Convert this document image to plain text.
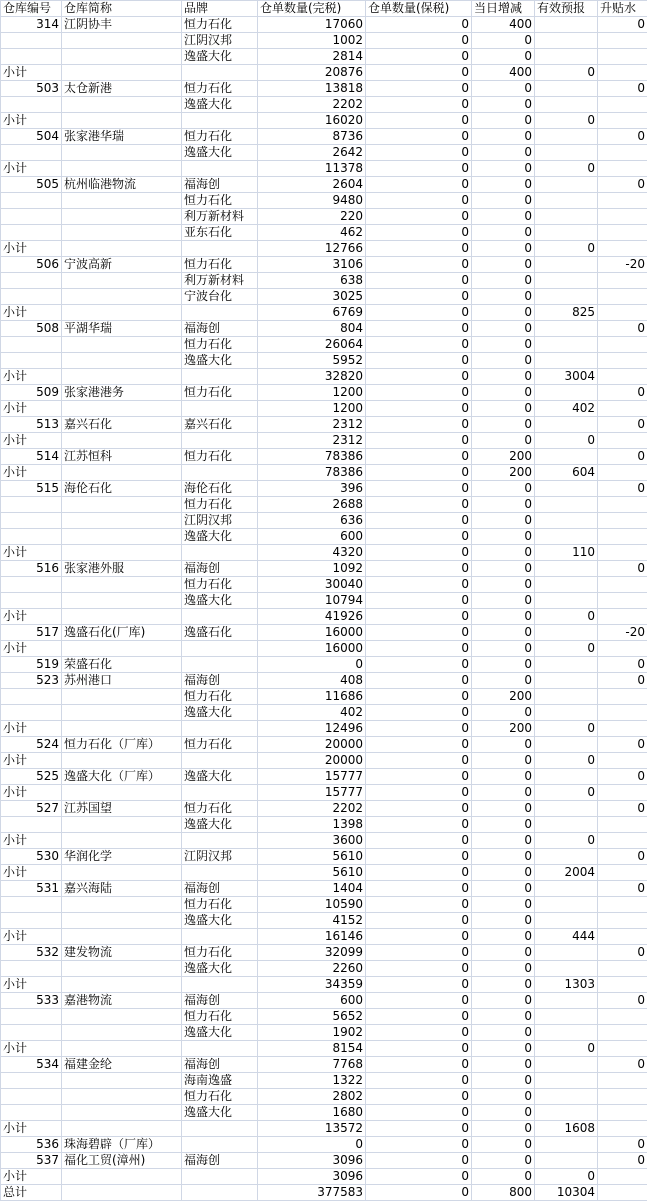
仓库编号	仓库简称	品牌	仓单数量(完税)	仓单数量(保税)	当日增减	有效预报	升贴水
314	江阴协丰	恒力石化	17060	0	400		0
		江阴汉邦	1002	0	0		
		逸盛大化	2814	0	0		
小计			20876	0	400	0	
503	太仓新港	恒力石化	13818	0	0		0
		逸盛大化	2202	0	0		
小计			16020	0	0	0	
504	张家港华瑞	恒力石化	8736	0	0		0
		逸盛大化	2642	0	0		
小计			11378	0	0	0	
505	杭州临港物流	福海创	2604	0	0		0
		恒力石化	9480	0	0		
		利万新材料	220	0	0		
		亚东石化	462	0	0		
小计			12766	0	0	0	
506	宁波高新	恒力石化	3106	0	0		-20
		利万新材料	638	0	0		
		宁波台化	3025	0	0		
小计			6769	0	0	825	
508	平湖华瑞	福海创	804	0	0		0
		恒力石化	26064	0	0		
		逸盛大化	5952	0	0		
小计			32820	0	0	3004	
509	张家港港务	恒力石化	1200	0	0		0
小计			1200	0	0	402	
513	嘉兴石化	嘉兴石化	2312	0	0		0
小计			2312	0	0	0	
514	江苏恒科	恒力石化	78386	0	200		0
小计			78386	0	200	604	
515	海伦石化	海伦石化	396	0	0		0
		恒力石化	2688	0	0		
		江阴汉邦	636	0	0		
		逸盛大化	600	0	0		
小计			4320	0	0	110	
516	张家港外服	福海创	1092	0	0		0
		恒力石化	30040	0	0		
		逸盛大化	10794	0	0		
小计			41926	0	0	0	
517	逸盛石化(厂库)	逸盛石化	16000	0	0		-20
小计			16000	0	0	0	
519	荣盛石化		0	0	0		0
523	苏州港口	福海创	408	0	0		0
		恒力石化	11686	0	200		
		逸盛大化	402	0	0		
小计			12496	0	200	0	
524	恒力石化（厂库）	恒力石化	20000	0	0		0
小计			20000	0	0	0	
525	逸盛大化（厂库）	逸盛大化	15777	0	0		0
小计			15777	0	0	0	
527	江苏国望	恒力石化	2202	0	0		0
		逸盛大化	1398	0	0		
小计			3600	0	0	0	
530	华润化学	江阴汉邦	5610	0	0		0
小计			5610	0	0	2004	
531	嘉兴海陆	福海创	1404	0	0		0
		恒力石化	10590	0	0		
		逸盛大化	4152	0	0		
小计			16146	0	0	444	
532	建发物流	恒力石化	32099	0	0		0
		逸盛大化	2260	0	0		
小计			34359	0	0	1303	
533	嘉港物流	福海创	600	0	0		0
		恒力石化	5652	0	0		
		逸盛大化	1902	0	0		
小计			8154	0	0	0	
534	福建金纶	福海创	7768	0	0		0
		海南逸盛	1322	0	0		
		恒力石化	2802	0	0		
		逸盛大化	1680	0	0		
小计			13572	0	0	1608	
536	珠海碧辟（厂库）		0	0	0		0
537	福化工贸(漳州)	福海创	3096	0	0		0
小计			3096	0	0	0	
总计			377583	0	800	10304	
